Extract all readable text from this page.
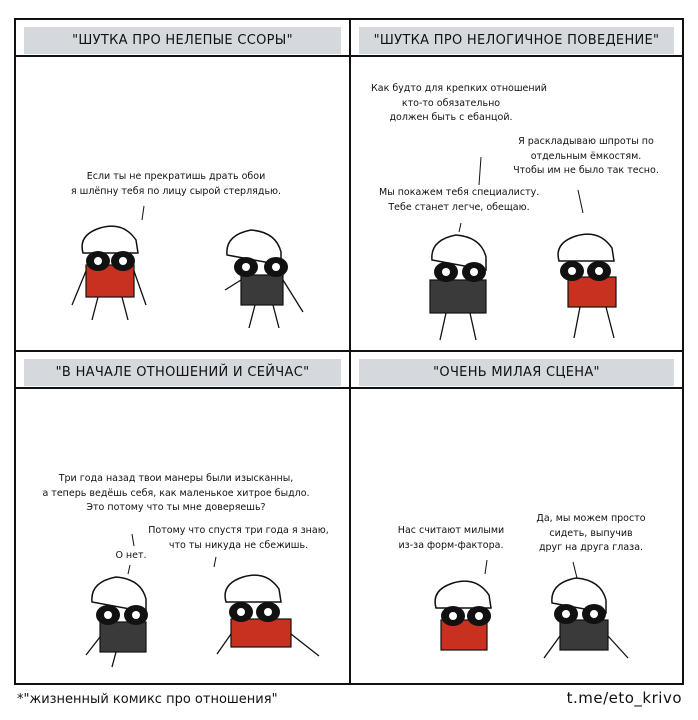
"ШУТКА ПРО НЕЛЕПЫЕ ССОРЫ"
Если ты не прекратишь драть обои
я шлёпну тебя по лицу сырой стерлядью.
"ШУТКА ПРО НЕЛОГИЧНОЕ ПОВЕДЕНИЕ"
Как будто для крепких отношений
кто-то обязательно
должен быть с ебанцой.
Я раскладываю шпроты по
отдельным ёмкостям.
Чтобы им не было так тесно.
Мы покажем тебя специалисту.
Тебе станет легче, обещаю.
"В НАЧАЛЕ ОТНОШЕНИЙ И СЕЙЧАС"
Три года назад твои манеры были изысканны,
а теперь ведёшь себя, как маленькое хитрое быдло.
Это потому что ты мне доверяешь?
Потому что спустя три года я знаю,
что ты никуда не сбежишь.
О нет.
"ОЧЕНЬ МИЛАЯ СЦЕНА"
Нас считают милыми
из-за форм-фактора.
Да, мы можем просто
сидеть, выпучив
друг на друга глаза.
*"жизненный комикс про отношения"	t.me/eto_krivo
